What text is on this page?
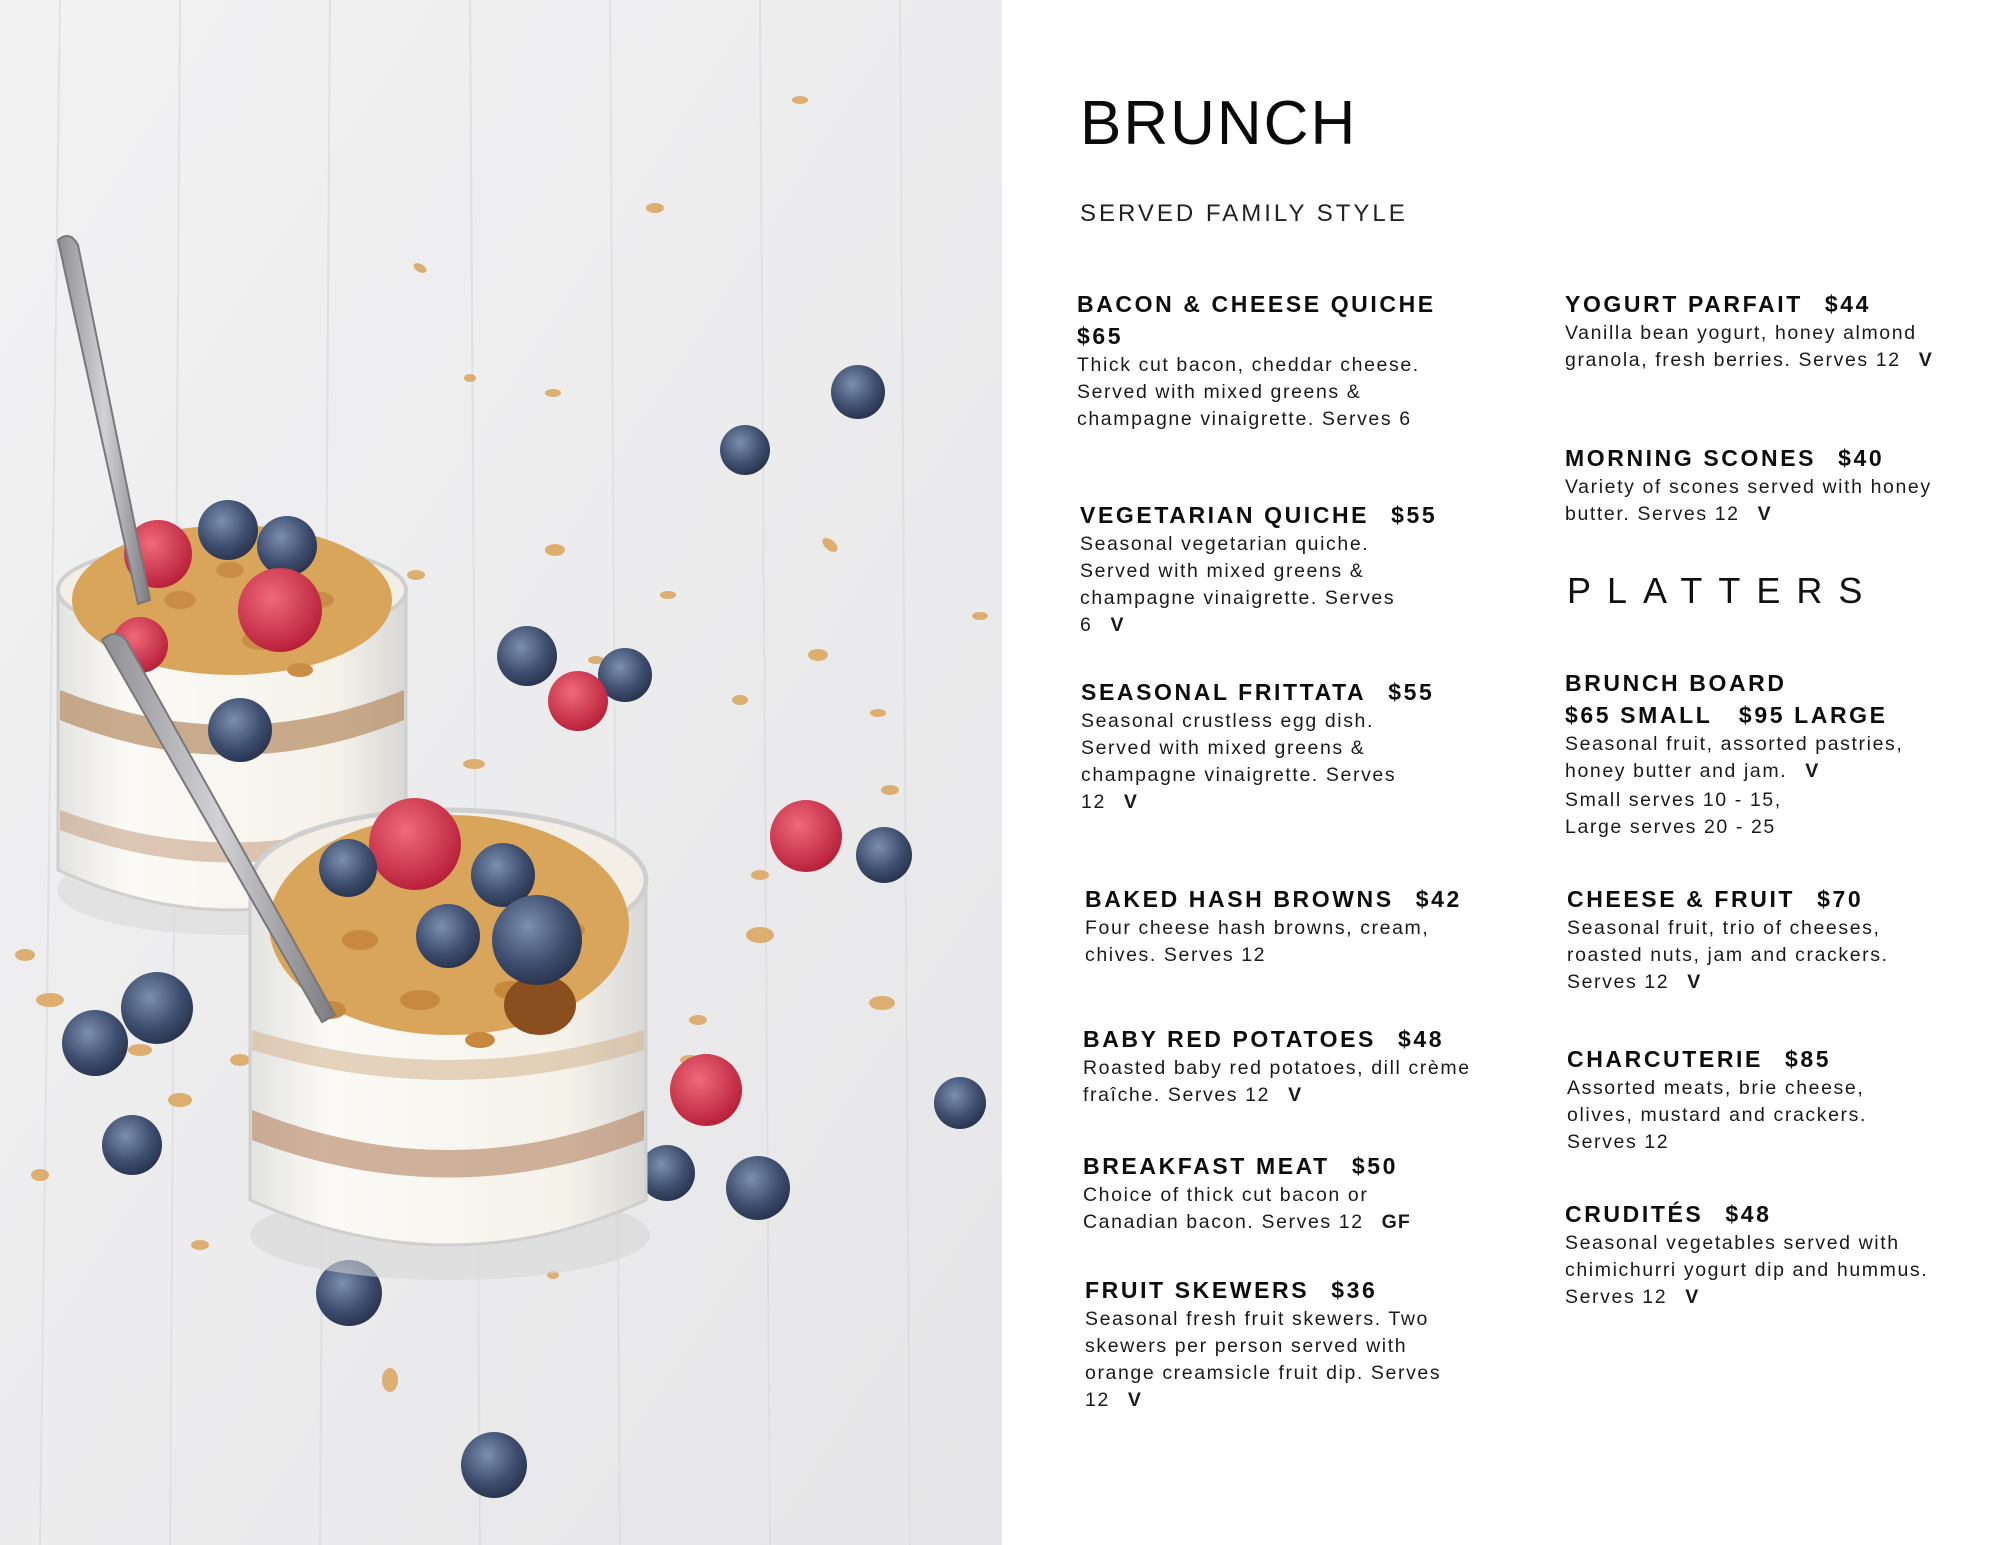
BRUNCH
SERVED FAMILY STYLE
PLATTERS
BACON & CHEESE QUICHE
$65
Thick cut bacon, cheddar cheese. Served with mixed greens & champagne vinaigrette. Serves 6
VEGETARIAN QUICHE $55
Seasonal vegetarian quiche. Served with mixed greens & champagne vinaigrette. Serves 6 V
SEASONAL FRITTATA $55
Seasonal crustless egg dish. Served with mixed greens & champagne vinaigrette. Serves 12 V
BAKED HASH BROWNS $42
Four cheese hash browns, cream, chives. Serves 12
BABY RED POTATOES $48
Roasted baby red potatoes, dill crème fraîche. Serves 12 V
BREAKFAST MEAT $50
Choice of thick cut bacon or Canadian bacon. Serves 12 GF
FRUIT SKEWERS $36
Seasonal fresh fruit skewers. Two skewers per person served with orange creamsicle fruit dip. Serves 12 V
YOGURT PARFAIT $44
Vanilla bean yogurt, honey almond granola, fresh berries. Serves 12 V
MORNING SCONES $40
Variety of scones served with honey butter. Serves 12 V
BRUNCH BOARD
$65 SMALL   $95 LARGE
Seasonal fruit, assorted pastries, honey butter and jam. V
Small serves 10 - 15, Large serves 20 - 25
CHEESE & FRUIT $70
Seasonal fruit, trio of cheeses, roasted nuts, jam and crackers. Serves 12 V
CHARCUTERIE $85
Assorted meats, brie cheese, olives, mustard and crackers. Serves 12
CRUDITÉS $48
Seasonal vegetables served with chimichurri yogurt dip and hummus. Serves 12 V
